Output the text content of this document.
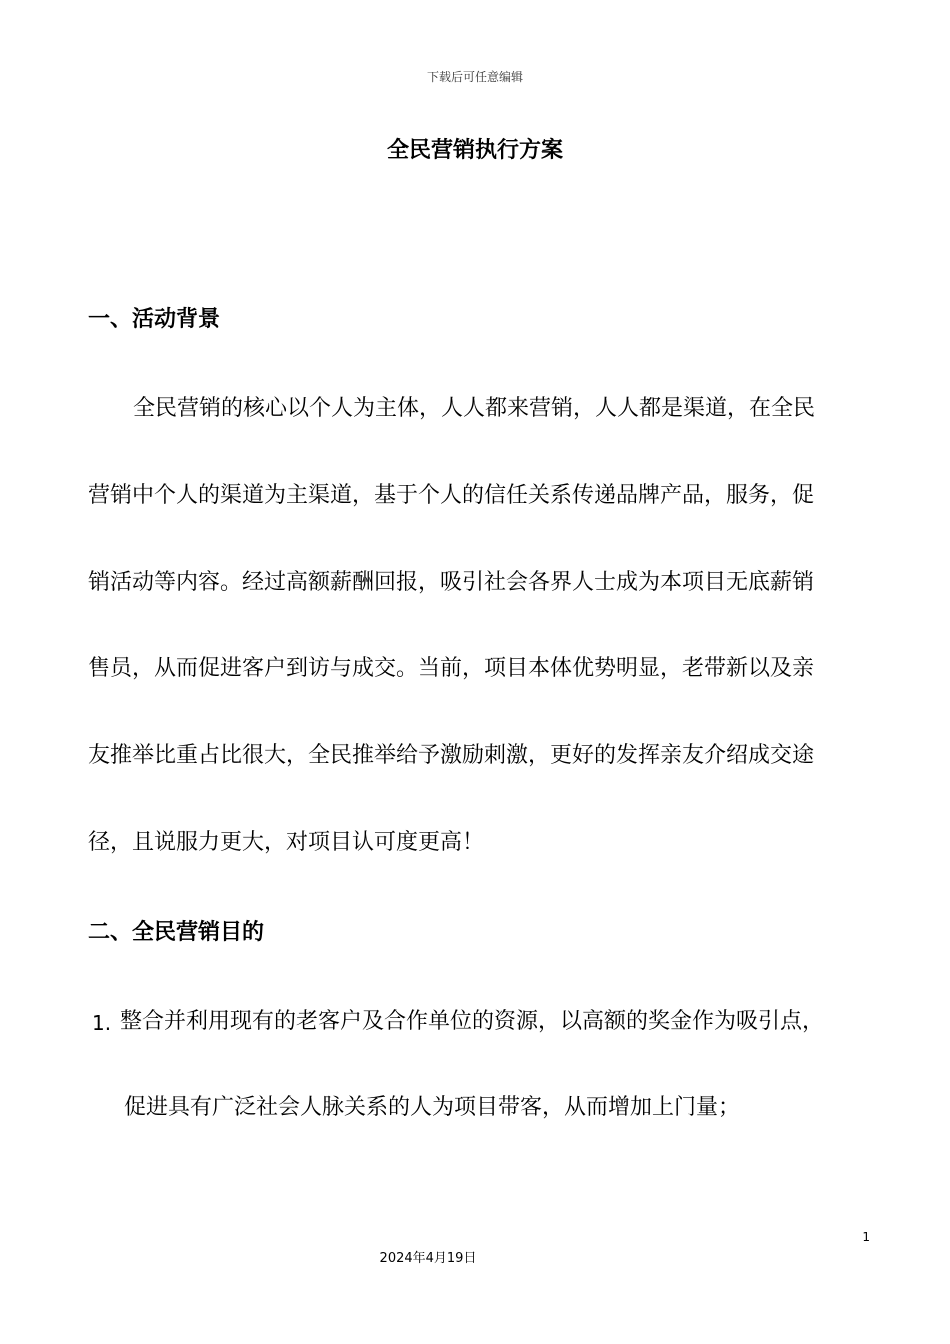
下载后可任意编辑
全民营销执行方案
一、活动背景
全民营销的核心以个人为主体，人人都来营销，人人都是渠道，在全民
营销中个人的渠道为主渠道，基于个人的信任关系传递品牌产品，服务，促
销活动等内容。经过高额薪酬回报，吸引社会各界人士成为本项目无底薪销
售员，从而促进客户到访与成交。当前，项目本体优势明显，老带新以及亲
友推举比重占比很大，全民推举给予激励刺激，更好的发挥亲友介绍成交途
径，且说服力更大，对项目认可度更高！
二、全民营销目的
1. 整合并利用现有的老客户及合作单位的资源，以高额的奖金作为吸引点，
促进具有广泛社会人脉关系的人为项目带客，从而增加上门量；
1
2024年4月19日
